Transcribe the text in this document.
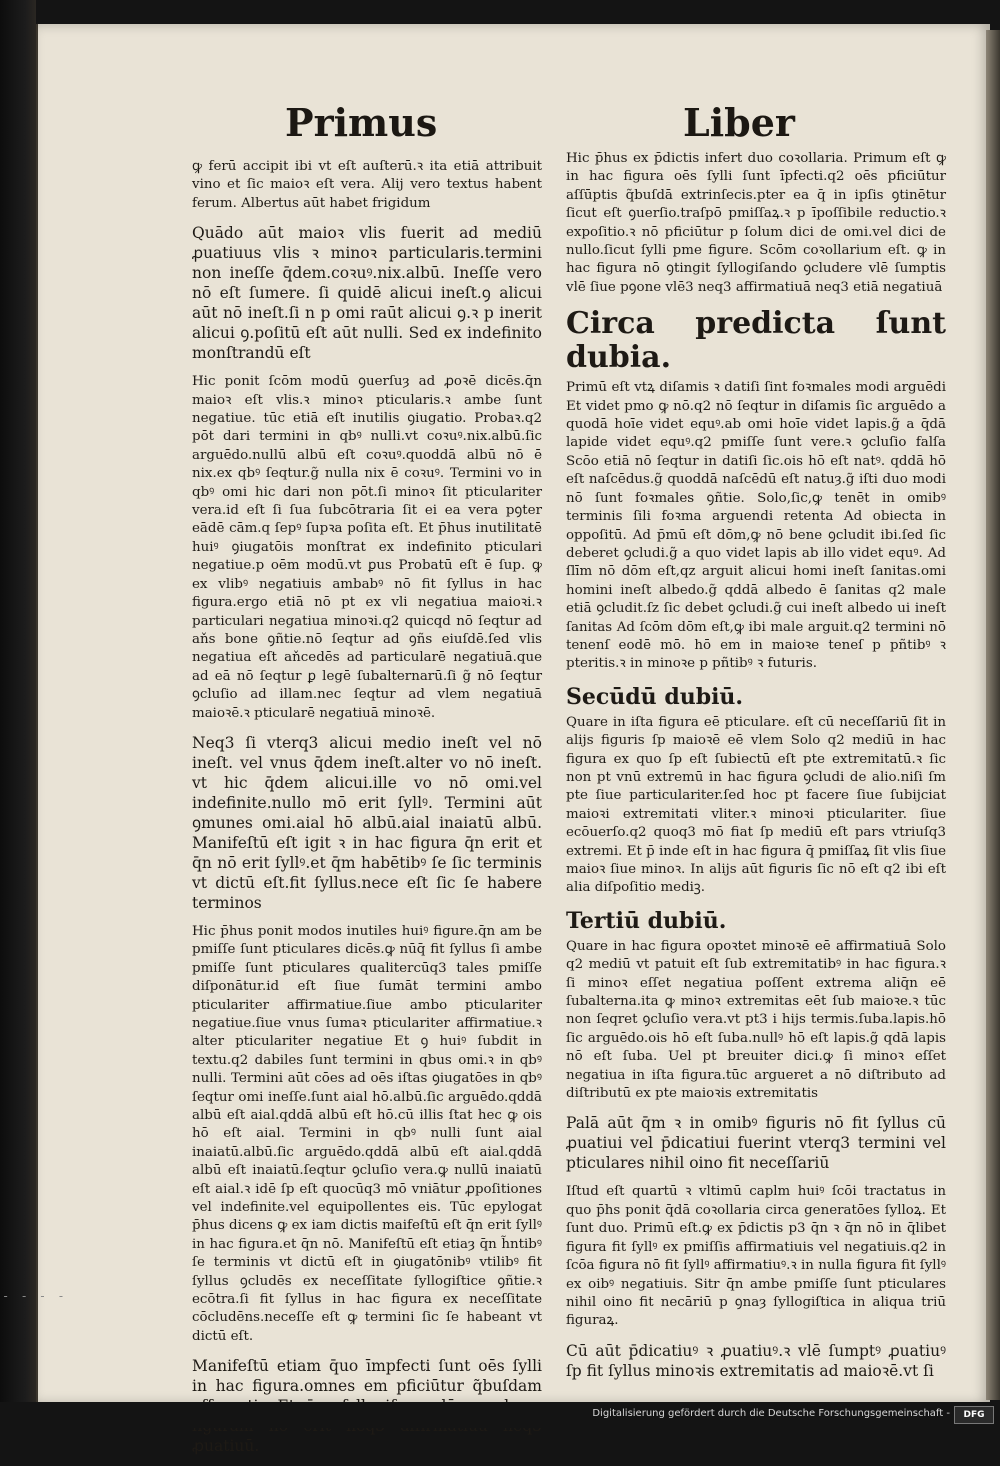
- - - -
Primus	Liber

ꝙ ferū accipit ibi vt eſt auſterū.ꝛ ita etiā attribuit vino et ſic maioꝛ eſt vera. Alij vero textus habent ferum. Albertus aūt habet frigidum

Quādo aūt maioꝛ vlis fuerit ad mediū ꝓuatiuus vlis ꝛ minoꝛ particularis.termini non ineſſe q̄dem.coꝛuꝰ.nix.albū. Ineſſe vero nō eſt ſumere. ſi quidē alicui ineſt.ꝯ alicui aūt nō ineſt.ſi n p omi raūt alicui ꝯ.ꝛ p inerit alicui ꝯ.poſitū eſt aūt nulli. Sed ex indefinito monſtrandū eſt

Hic ponit ſcōm modū ꝯuerſuȝ ad ꝓoꝛē dicēs.q̄n maioꝛ eſt vlis.ꝛ minoꝛ pticularis.ꝛ ambe ſunt negatiue. tūc etiā eſt inutilis ꝯiugatio. Probaꝛ.q2 pōt dari termini in qbꝰ nulli.vt coꝛuꝰ.nix.albū.ſic arguēdo.nullū albū eſt coꝛuꝰ.quoddā albū nō ē nix.ex qbꝰ ſeqtur.g̃ nulla nix ē coꝛuꝰ. Termini vo in qbꝰ omi hic dari non pōt.ſi minoꝛ ſit pticulariter vera.id eſt ſi ſua ſubcōtraria ſit ei ea vera pꝯter eādē cām.q ſepꝰ ſupꝛa poſita eſt. Et p̄hus inutilitatē huiꝰ ꝯiugatōis monſtrat ex indefinito pticulari negatiue.p oēm modū.vt ꝑus Probatū eſt ē ſup. ꝙ ex vlibꝰ negatiuis ambabꝰ nō fit ſyllus in hac figura.ergo etiā nō pt ex vli negatiua maioꝛi.ꝛ particulari negatiua minoꝛi.q2 quicqd nō ſeqtur ad aňs bone ꝯñtie.nō ſeqtur ad ꝯñs eiuſdē.ſed vlis negatiua eſt aňcedēs ad particularē negatiuā.que ad eā nō ſeqtur ꝑ legē ſubalternarū.ſi g̃ nō ſeqtur ꝯcluſio ad illam.nec ſeqtur ad vlem negatiuā maioꝛē.ꝛ pticularē negatiuā minoꝛē.

Neq3 ſi vterq3 alicui medio ineſt vel nō ineſt. vel vnus q̄dem ineſt.alter vo nō ineſt. vt hic q̄dem alicui.ille vo nō omi.vel indefinite.nullo mō erit ſyllꝰ. Termini aūt ꝯmunes omi.aial hō albū.aial inaiatū albū. Manifeſtū eſt igit ꝛ in hac figura q̄n erit et q̄n nō erit ſyllꝰ.et q̄m habētibꝰ ſe ſic terminis vt dictū eſt.fit ſyllus.nece eſt ſic ſe habere terminos

Hic p̄hus ponit modos inutiles huiꝰ figure.q̄n am be pmiſſe ſunt pticulares dicēs.ꝙ nūq̄ fit ſyllus ſi ambe pmiſſe ſunt pticulares qualitercūq3 tales pmiſſe diſponātur.id eſt ſiue ſumāt termini ambo pticulariter affirmatiue.ſiue ambo pticulariter negatiue.ſiue vnus ſumaꝛ pticulariter affirmatiue.ꝛ alter pticulariter negatiue Et ꝯ huiꝰ ſubdit in textu.q2 dabiles ſunt termini in qbus omi.ꝛ in qbꝰ nulli. Termini aūt cōes ad oēs iſtas ꝯiugatōes in qbꝰ ſeqtur omi ineſſe.ſunt aial hō.albū.ſic arguēdo.qddā albū eſt aial.qddā albū eſt hō.cū illis ſtat hec ꝙ ois hō eſt aial. Termini in qbꝰ nulli ſunt aial inaiatū.albū.ſic arguēdo.qddā albū eſt aial.qddā albū eſt inaiatū.ſeqtur ꝯcluſio vera.ꝙ nullū inaiatū eſt aial.ꝛ idē ſp eſt quocūq3 mō vniātur ꝓpoſitiones vel indefinite.vel equipollentes eis. Tūc epylogat p̄hus dicens ꝙ ex iam dictis maifeſtū eſt q̄n erit ſyllꝰ in hac figura.et q̄n nō. Manifeſtū eſt etiaȝ q̄n h̃ntibꝰ ſe terminis vt dictū eſt in ꝯiugatōnibꝰ vtilibꝰ fit ſyllus ꝯcludēs ex neceſſitate ſyllogiſtice ꝯñtie.ꝛ ecōtra.ſi fit ſyllus in hac figura ex neceſſitate cōcludēns.neceſſe eſt ꝙ termini ſic ſe habeant vt dictū eſt.

Manifeſtū etiam q̄uo īmpfecti ſunt oēs ſylli in hac figura.omnes em pficiūtur q̃buſdam ꝓuatiuū.

Hic p̄hus ex p̄dictis infert duo coꝛollaria. Primum eſt ꝙ in hac figura oēs ſylli ſunt īpfecti.q2 oēs pficiūtur aſſūptis q̃buſdā extrinſecis.pter ea q̄ in ipſis ꝯtinētur ſicut eſt ꝯuerſio.traſpō pmiſſaꝝ.ꝛ p īpoſſibile reductio.ꝛ expoſitio.ꝛ nō pficiūtur p ſolum dici de omi.vel dici de nullo.ſicut ſylli pme figure. Scōm coꝛollarium eſt. ꝙ in hac figura nō ꝯtingit ſyllogiſando ꝯcludere vlē ſumptis vlē ſiue pꝯone vlē3 neq3 affirmatiuā neq3 etiā negatiuā

Circa predicta ſunt dubia.

Primū eſt vtꝝ diſamis ꝛ datiſi ſint foꝛmales modi arguēdi Et videt pmo ꝙ nō.q2 nō ſeqtur in diſamis ſic arguēdo a quodā hoīe videt equꝰ.ab omi hoīe videt lapis.g̃ a q̄dā lapide videt equꝰ.q2 pmiſſe ſunt vere.ꝛ ꝯcluſio falſa Scōo etiā nō ſeqtur in datiſi ſic.ois hō eſt natꝰ. qddā hō eſt naſcēdus.g̃ quoddā naſcēdū eſt natuȝ.g̃ iſti duo modi nō ſunt foꝛmales ꝯñtie. Solo,ſic,ꝙ tenēt in omibꝰ terminis ſili foꝛma arguendi retenta Ad obiecta in oppoſitū. Ad p̄mū eſt dōm,ꝙ nō bene ꝯcludit ibi.ſed ſic deberet ꝯcludi.g̃ a quo videt lapis ab illo videt equꝰ. Ad ſlīm nō dōm eſt,qz arguit alicui homi ineſt ſanitas.omi homini ineſt albedo.g̃ qddā albedo ē ſanitas q2 male etiā ꝯcludit.ſz ſic debet ꝯcludi.g̃ cui ineſt albedo ui ineſt ſanitas Ad ſcōm dōm eſt,ꝙ ibi male arguit.q2 termini nō tenenſ eodē mō. hō em in maioꝛe teneſ p pñtibꝰ ꝛ pteritis.ꝛ in minoꝛe p pñtibꝰ ꝛ futuris.

Secūdū dubiū.

Quare in iſta figura eē pticulare. eſt cū neceſſariū ſit in alijs figuris ſp maioꝛē eē vlem Solo q2 mediū in hac figura ex quo ſp eſt ſubiectū eſt pte extremitatū.ꝛ ſic non pt vnū extremū in hac figura ꝯcludi de alio.niſi ſm pte ſiue particulariter.ſed hoc pt facere ſiue ſubijciat maioꝛi extremitati vliter.ꝛ minoꝛi pticulariter. ſiue ecōuerſo.q2 quoq3 mō fiat ſp mediū eſt pars vtriuſq3 extremi. Et p̄ inde eſt in hac figura q̄ pmiſſaꝝ ſit vlis ſiue maioꝛ ſiue minoꝛ. In alijs aūt figuris ſic nō eſt q2 ibi eſt alia diſpoſitio mediꝫ.

Tertiū dubiū.

Quare in hac figura opoꝛtet minoꝛē eē affirmatiuā Solo q2 mediū vt patuit eſt ſub extremitatibꝰ in hac figura.ꝛ ſi minoꝛ eſſet negatiua poſſent extrema aliq̄n eē ſubalterna.ita ꝙ minoꝛ extremitas eēt ſub maioꝛe.ꝛ tūc non ſeqret ꝯcluſio vera.vt pt3 i hijs termis.ſuba.lapis.hō ſic arguēdo.ois hō eſt ſuba.nullꝰ hō eſt lapis.g̃ qdā lapis nō eſt ſuba. Uel pt breuiter dici.ꝙ ſi minoꝛ eſſet negatiua in iſta figura.tūc argueret a nō diſtributo ad diſtributū ex pte maioꝛis extremitatis

Palā aūt q̄m ꝛ in omibꝰ figuris nō fit ſyllus cū ꝓuatiui vel p̄dicatiui fuerint vterq3 termini vel pticulares nihil oino fit neceſſariū

Iſtud eſt quartū ꝛ vltimū caplm huiꝰ ſcōi tractatus in quo p̄hs ponit q̄dā coꝛollaria circa generatōes ſylloꝝ. Et ſunt duo. Primū eſt.ꝙ ex p̄dictis p3 q̄n ꝛ q̄n nō in q̄libet figura fit ſyllꝰ ex pmiſſis affirmatiuis vel negatiuis.q2 in ſcōa figura nō fit ſyllꝰ affirmatiuꝰ.ꝛ in nulla figura fit ſyllꝰ ex oibꝰ negatiuis. Sitr q̄n ambe pmiſſe ſunt pticulares nihil oino fit necāriū p ꝯnaȝ ſyllogiſtica in aliqua triū figuraꝝ.

Cū aūt p̄dicatiuꝰ ꝛ ꝓuatiuꝰ.ꝛ vlē ſumptꝰ ꝓuatiuꝰ ſp fit ſyllus minoꝛis extremitatis ad maioꝛē.vt ſi

Digitalisierung gefördert durch die Deutsche Forschungsgemeinschaft -	DFG
